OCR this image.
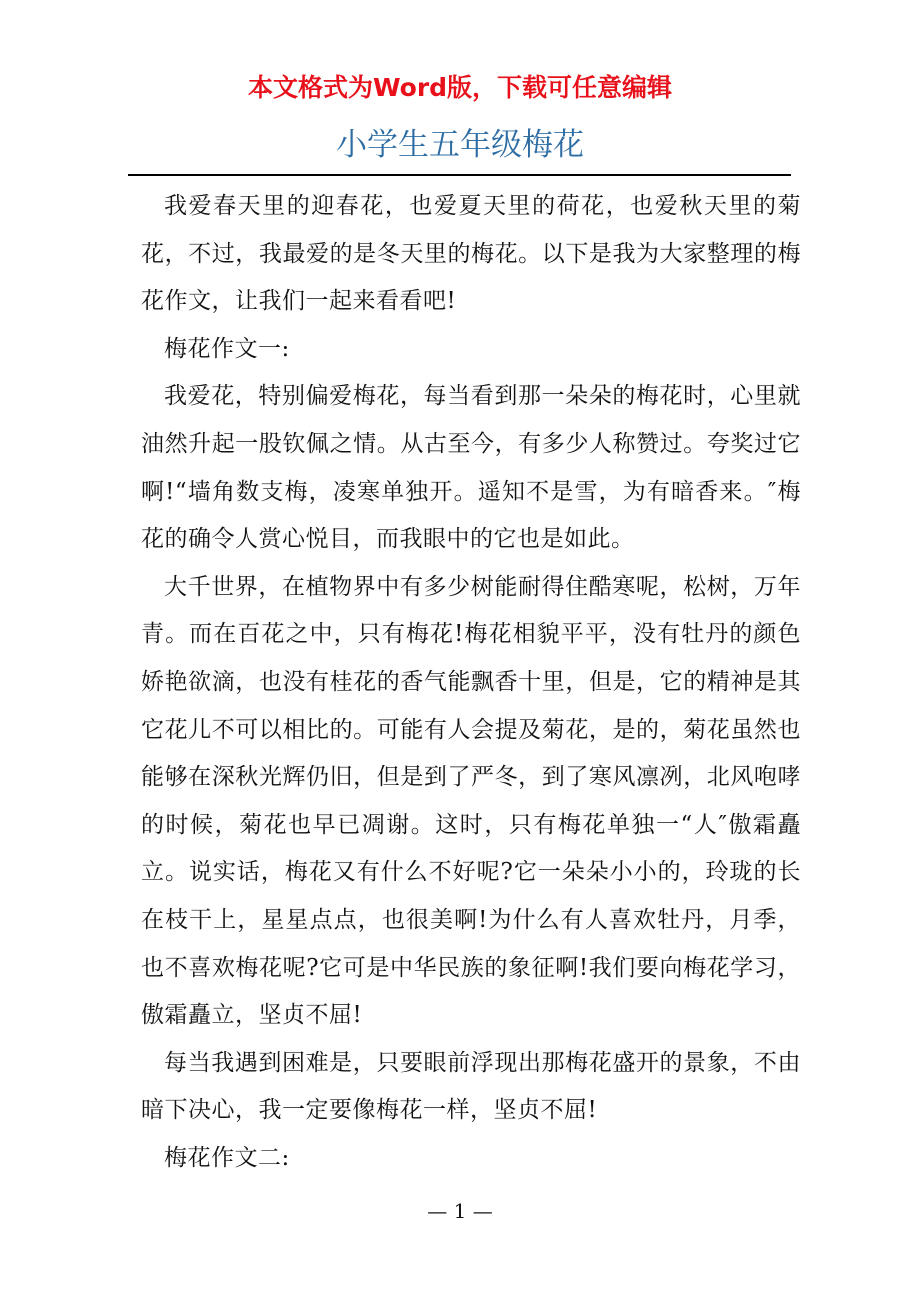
本文格式为Word版，下载可任意编辑
小学生五年级梅花

我爱春天里的迎春花，也爱夏天里的荷花，也爱秋天里的菊花，不过，我最爱的是冬天里的梅花。以下是我为大家整理的梅花作文，让我们一起来看看吧!

梅花作文一:

我爱花，特别偏爱梅花，每当看到那一朵朵的梅花时，心里就油然升起一股钦佩之情。从古至今，有多少人称赞过。夸奖过它啊!“墙角数支梅，凌寒单独开。遥知不是雪，为有暗香来。″梅花的确令人赏心悦目，而我眼中的它也是如此。

大千世界，在植物界中有多少树能耐得住酷寒呢，松树，万年青。而在百花之中，只有梅花!梅花相貌平平，没有牡丹的颜色娇艳欲滴，也没有桂花的香气能飘香十里，但是，它的精神是其它花儿不可以相比的。可能有人会提及菊花，是的，菊花虽然也能够在深秋光辉仍旧，但是到了严冬，到了寒风凛冽，北风咆哮的时候，菊花也早已凋谢。这时，只有梅花单独一“人″傲霜矗立。说实话，梅花又有什么不好呢?它一朵朵小小的，玲珑的长在枝干上，星星点点，也很美啊!为什么有人喜欢牡丹，月季，也不喜欢梅花呢?它可是中华民族的象征啊!我们要向梅花学习，傲霜矗立，坚贞不屈!

每当我遇到困难是，只要眼前浮现出那梅花盛开的景象，不由暗下决心，我一定要像梅花一样，坚贞不屈!

梅花作文二:

— 1 —
